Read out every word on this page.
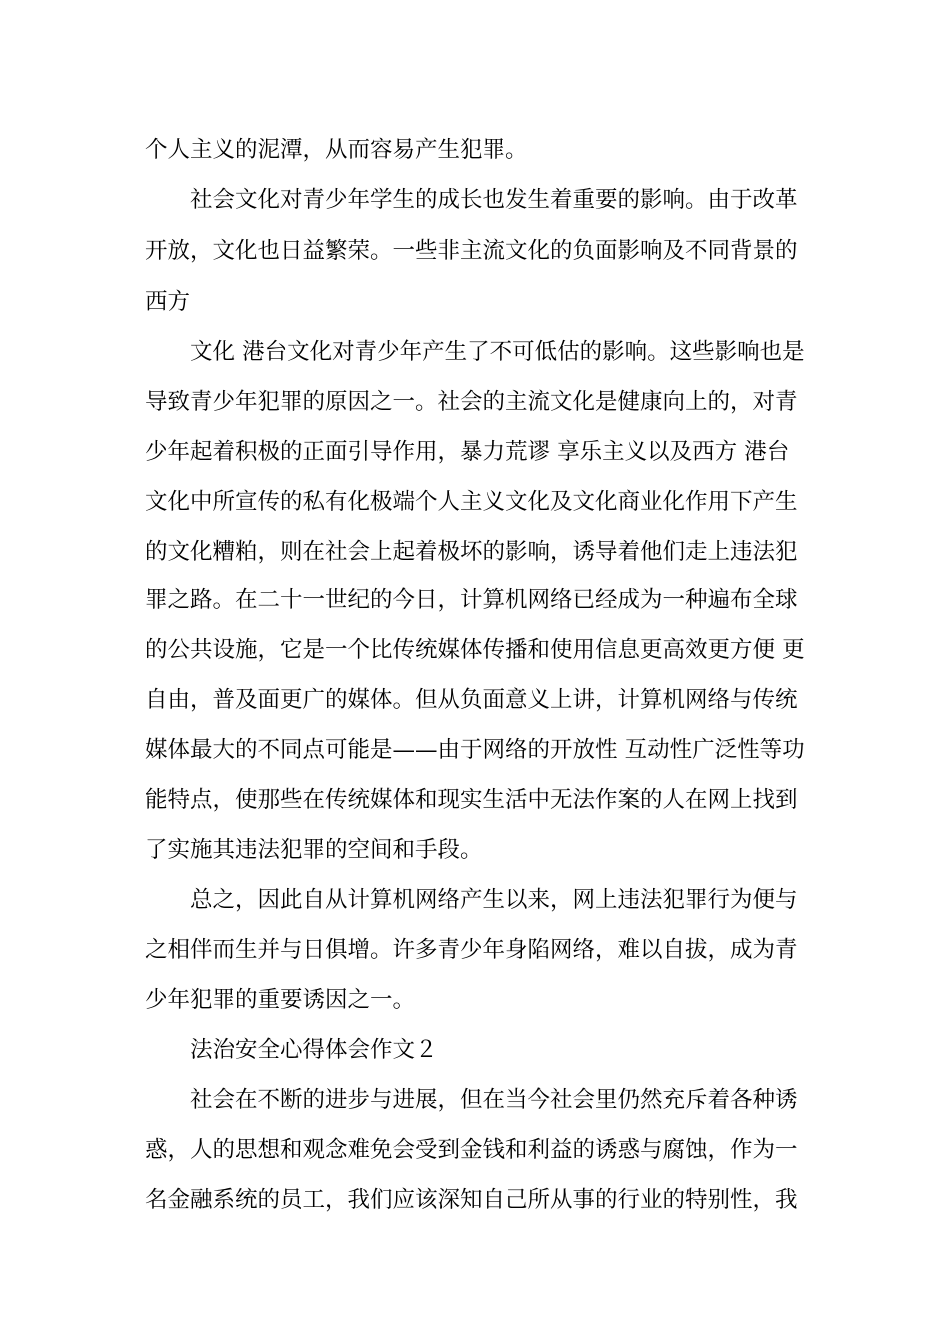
个人主义的泥潭，从而容易产生犯罪。

社会文化对青少年学生的成长也发生着重要的影响。由于改革

开放，文化也日益繁荣。一些非主流文化的负面影响及不同背景的

西方

文化 港台文化对青少年产生了不可低估的影响。这些影响也是

导致青少年犯罪的原因之一。社会的主流文化是健康向上的，对青

少年起着积极的正面引导作用，暴力荒谬 享乐主义以及西方 港台

文化中所宣传的私有化极端个人主义文化及文化商业化作用下产生

的文化糟粕，则在社会上起着极坏的影响，诱导着他们走上违法犯

罪之路。在二十一世纪的今日，计算机网络已经成为一种遍布全球

的公共设施，它是一个比传统媒体传播和使用信息更高效更方便 更

自由，普及面更广的媒体。但从负面意义上讲，计算机网络与传统

媒体最大的不同点可能是——由于网络的开放性 互动性广泛性等功

能特点，使那些在传统媒体和现实生活中无法作案的人在网上找到

了实施其违法犯罪的空间和手段。

总之，因此自从计算机网络产生以来，网上违法犯罪行为便与

之相伴而生并与日俱增。许多青少年身陷网络，难以自拔，成为青

少年犯罪的重要诱因之一。

法治安全心得体会作文２

社会在不断的进步与进展，但在当今社会里仍然充斥着各种诱

惑，人的思想和观念难免会受到金钱和利益的诱惑与腐蚀，作为一

名金融系统的员工，我们应该深知自己所从事的行业的特别性，我
